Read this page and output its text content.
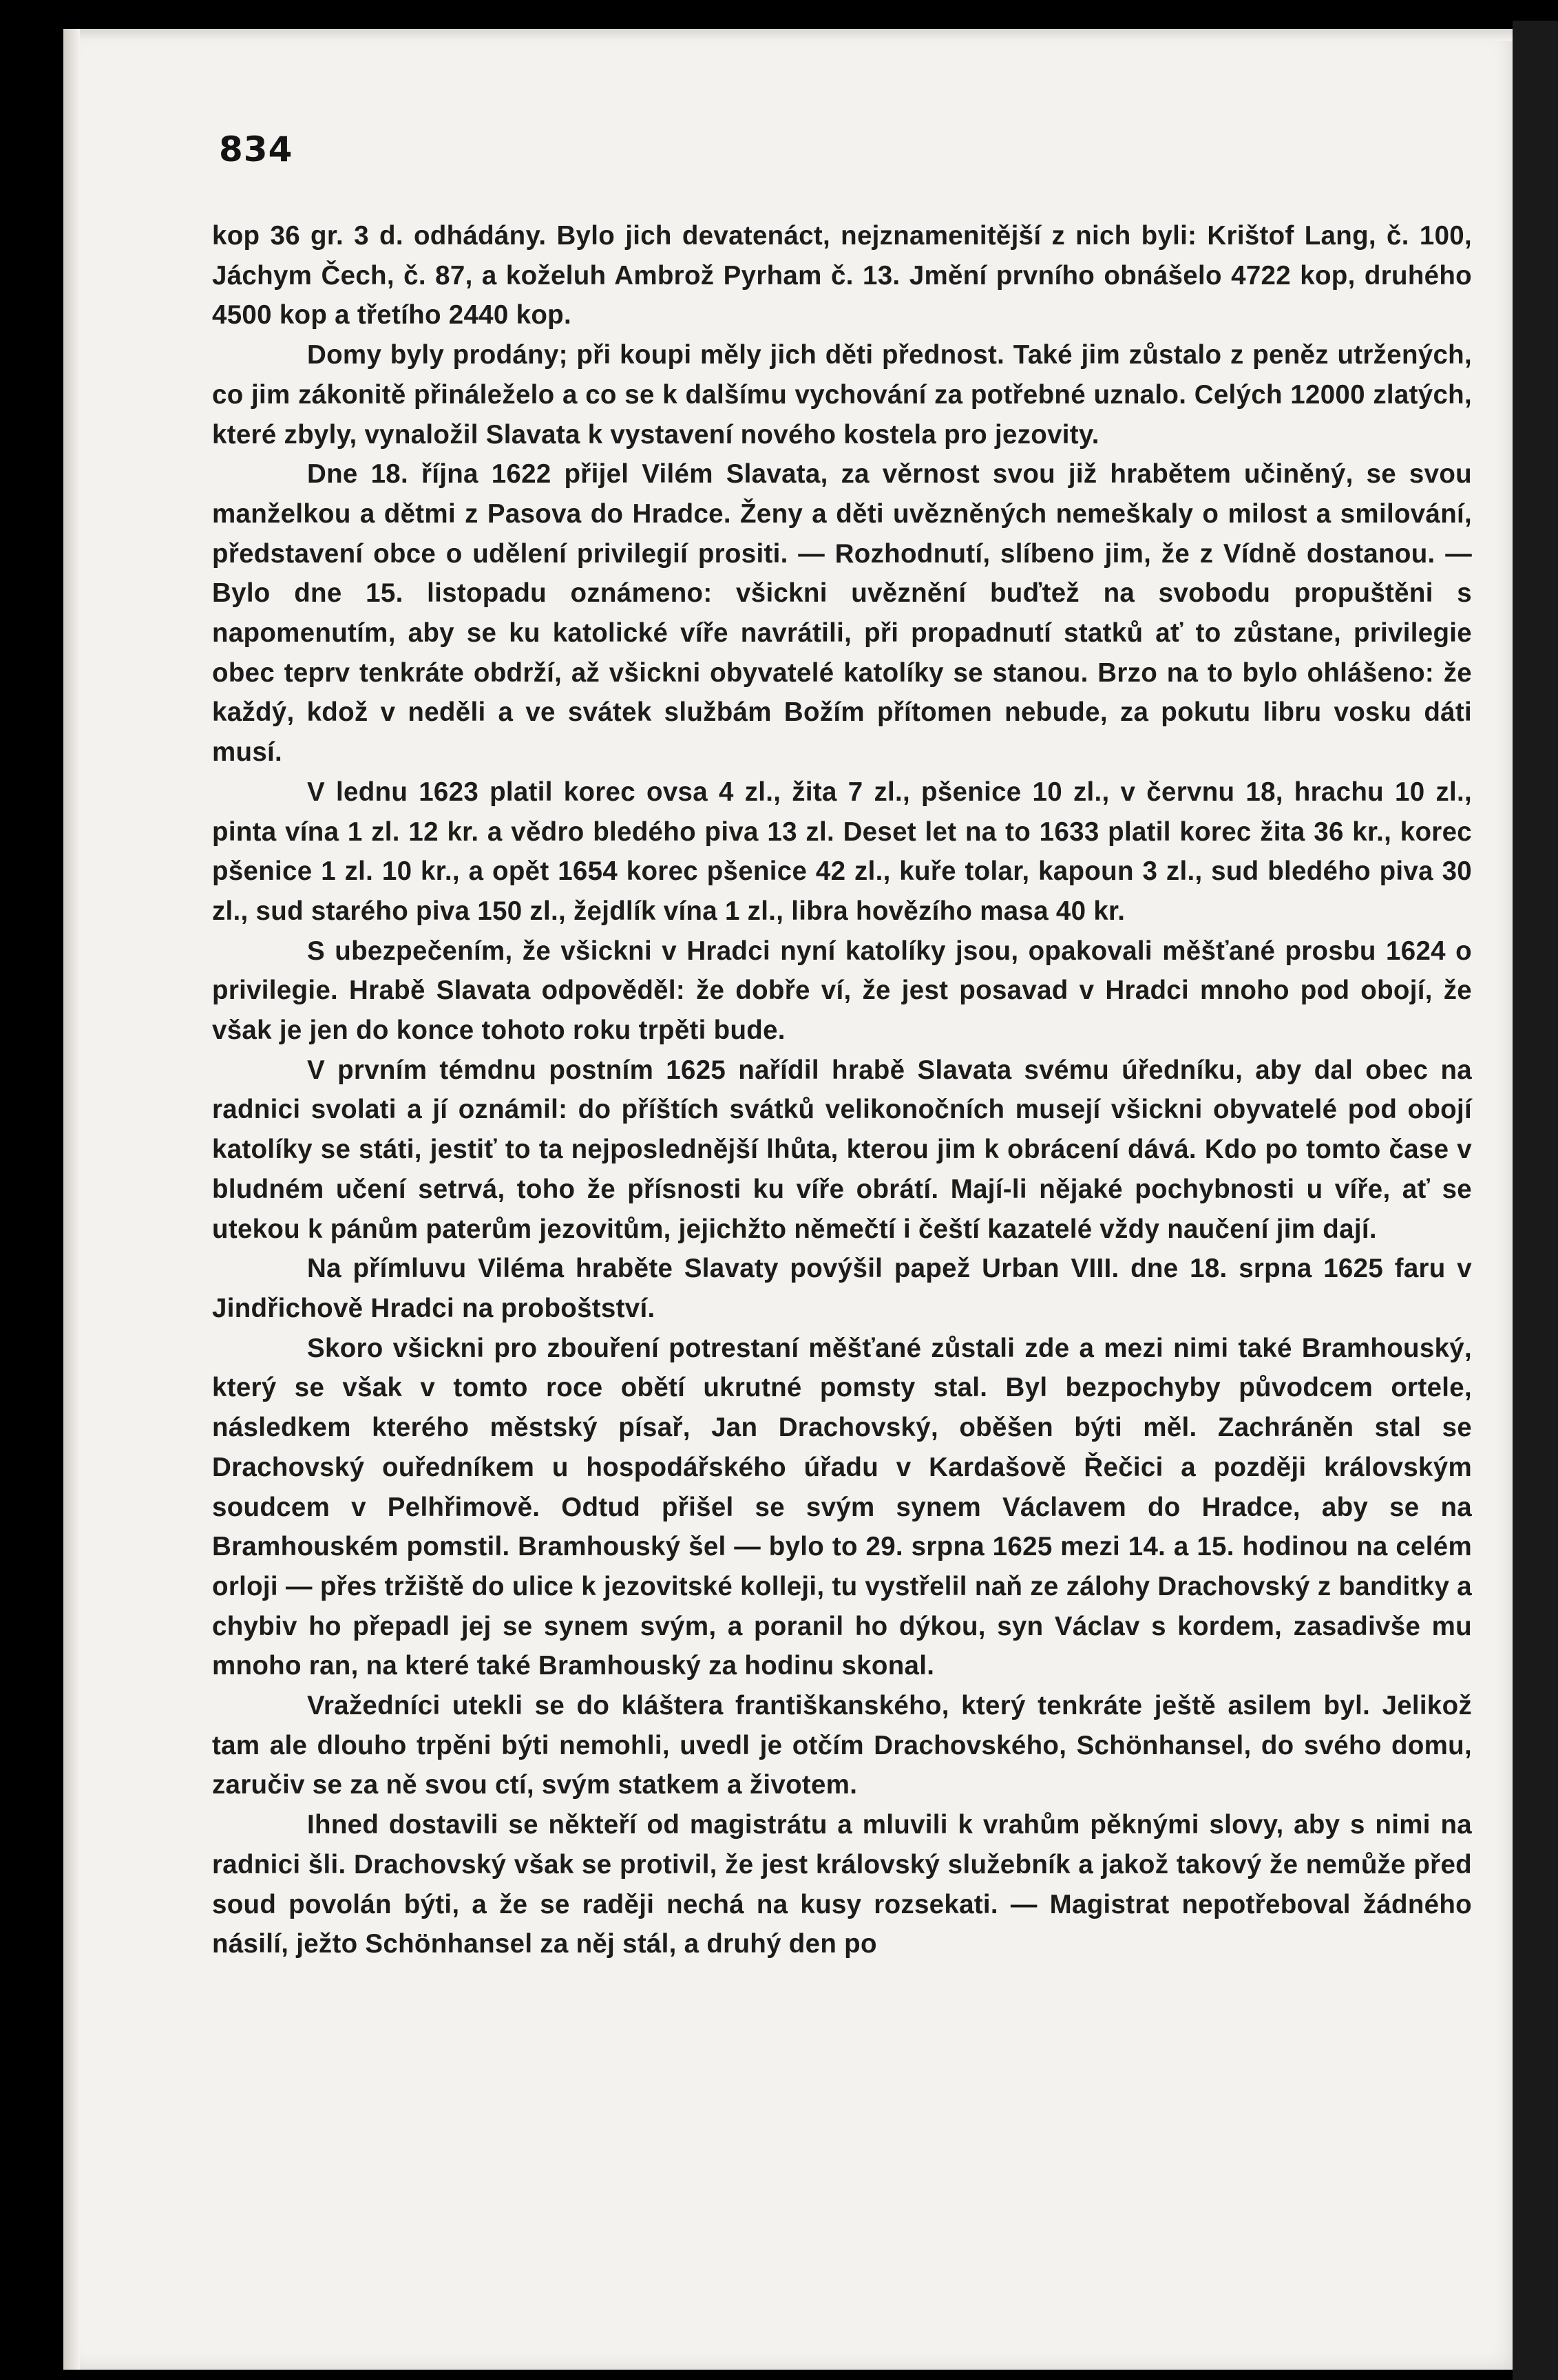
834

kop 36 gr. 3 d. odhádány. Bylo jich devatenáct, nejznamenitější z nich byli: Krištof Lang, č. 100, Jáchym Čech, č. 87, a koželuh Ambrož Pyrham č. 13. Jmění prvního obnášelo 4722 kop, druhého 4500 kop a třetího 2440 kop.

Domy byly prodány; při koupi měly jich děti přednost. Také jim zůstalo z peněz utržených, co jim zákonitě přináleželo a co se k dalšímu vychování za potřebné uznalo. Celých 12000 zlatých, které zbyly, vynaložil Slavata k vystavení nového kostela pro jezovity.

Dne 18. října 1622 přijel Vilém Slavata, za věrnost svou již hrabětem učiněný, se svou manželkou a dětmi z Pasova do Hradce. Ženy a děti uvězněných nemeškaly o milost a smilování, představení obce o udělení privilegií prositi. — Rozhodnutí, slíbeno jim, že z Vídně dostanou. — Bylo dne 15. listopadu oznámeno: všickni uvěznění buďtež na svobodu propuštěni s napomenutím, aby se ku katolické víře navrátili, při propadnutí statků ať to zůstane, privilegie obec teprv tenkráte obdrží, až všickni obyvatelé katolíky se stanou. Brzo na to bylo ohlášeno: že každý, kdož v neděli a ve svátek službám Božím přítomen nebude, za pokutu libru vosku dáti musí.

V lednu 1623 platil korec ovsa 4 zl., žita 7 zl., pšenice 10 zl., v červnu 18, hrachu 10 zl., pinta vína 1 zl. 12 kr. a vědro bledého piva 13 zl. Deset let na to 1633 platil korec žita 36 kr., korec pšenice 1 zl. 10 kr., a opět 1654 korec pšenice 42 zl., kuře tolar, kapoun 3 zl., sud bledého piva 30 zl., sud starého piva 150 zl., žejdlík vína 1 zl., libra hovězího masa 40 kr.

S ubezpečením, že všickni v Hradci nyní katolíky jsou, opakovali měšťané prosbu 1624 o privilegie. Hrabě Slavata odpověděl: že dobře ví, že jest posavad v Hradci mnoho pod obojí, že však je jen do konce tohoto roku trpěti bude.

V prvním témdnu postním 1625 nařídil hrabě Slavata svému úředníku, aby dal obec na radnici svolati a jí oznámil: do příštích svátků velikonočních musejí všickni obyvatelé pod obojí katolíky se státi, jestiť to ta nejposlednější lhůta, kterou jim k obrácení dává. Kdo po tomto čase v bludném učení setrvá, toho že přísnosti ku víře obrátí. Mají-li nějaké pochybnosti u víře, ať se utekou k pánům paterům jezovitům, jejichžto němečtí i čeští kazatelé vždy naučení jim dají.

Na přímluvu Viléma hraběte Slavaty povýšil papež Urban VIII. dne 18. srpna 1625 faru v Jindřichově Hradci na proboštství.

Skoro všickni pro zbouření potrestaní měšťané zůstali zde a mezi nimi také Bramhouský, který se však v tomto roce obětí ukrutné pomsty stal. Byl bezpochyby původcem ortele, následkem kterého městský písař, Jan Drachovský, oběšen býti měl. Zachráněn stal se Drachovský ouředníkem u hospodářského úřadu v Kardašově Řečici a později královským soudcem v Pelhřimově. Odtud přišel se svým synem Václavem do Hradce, aby se na Bramhouském pomstil. Bramhouský šel — bylo to 29. srpna 1625 mezi 14. a 15. hodinou na celém orloji — přes tržiště do ulice k jezovitské kolleji, tu vystřelil naň ze zálohy Drachovský z banditky a chybiv ho přepadl jej se synem svým, a poranil ho dýkou, syn Václav s kordem, zasadivše mu mnoho ran, na které také Bramhouský za hodinu skonal.

Vražedníci utekli se do kláštera františkanského, který tenkráte ještě asilem byl. Jelikož tam ale dlouho trpěni býti nemohli, uvedl je otčím Drachovského, Schönhansel, do svého domu, zaručiv se za ně svou ctí, svým statkem a životem.

Ihned dostavili se někteří od magistrátu a mluvili k vrahům pěknými slovy, aby s nimi na radnici šli. Drachovský však se protivil, že jest královský služebník a jakož takový že nemůže před soud povolán býti, a že se raději nechá na kusy rozsekati. — Magistrat nepotřeboval žádného násilí, ježto Schönhansel za něj stál, a druhý den po
